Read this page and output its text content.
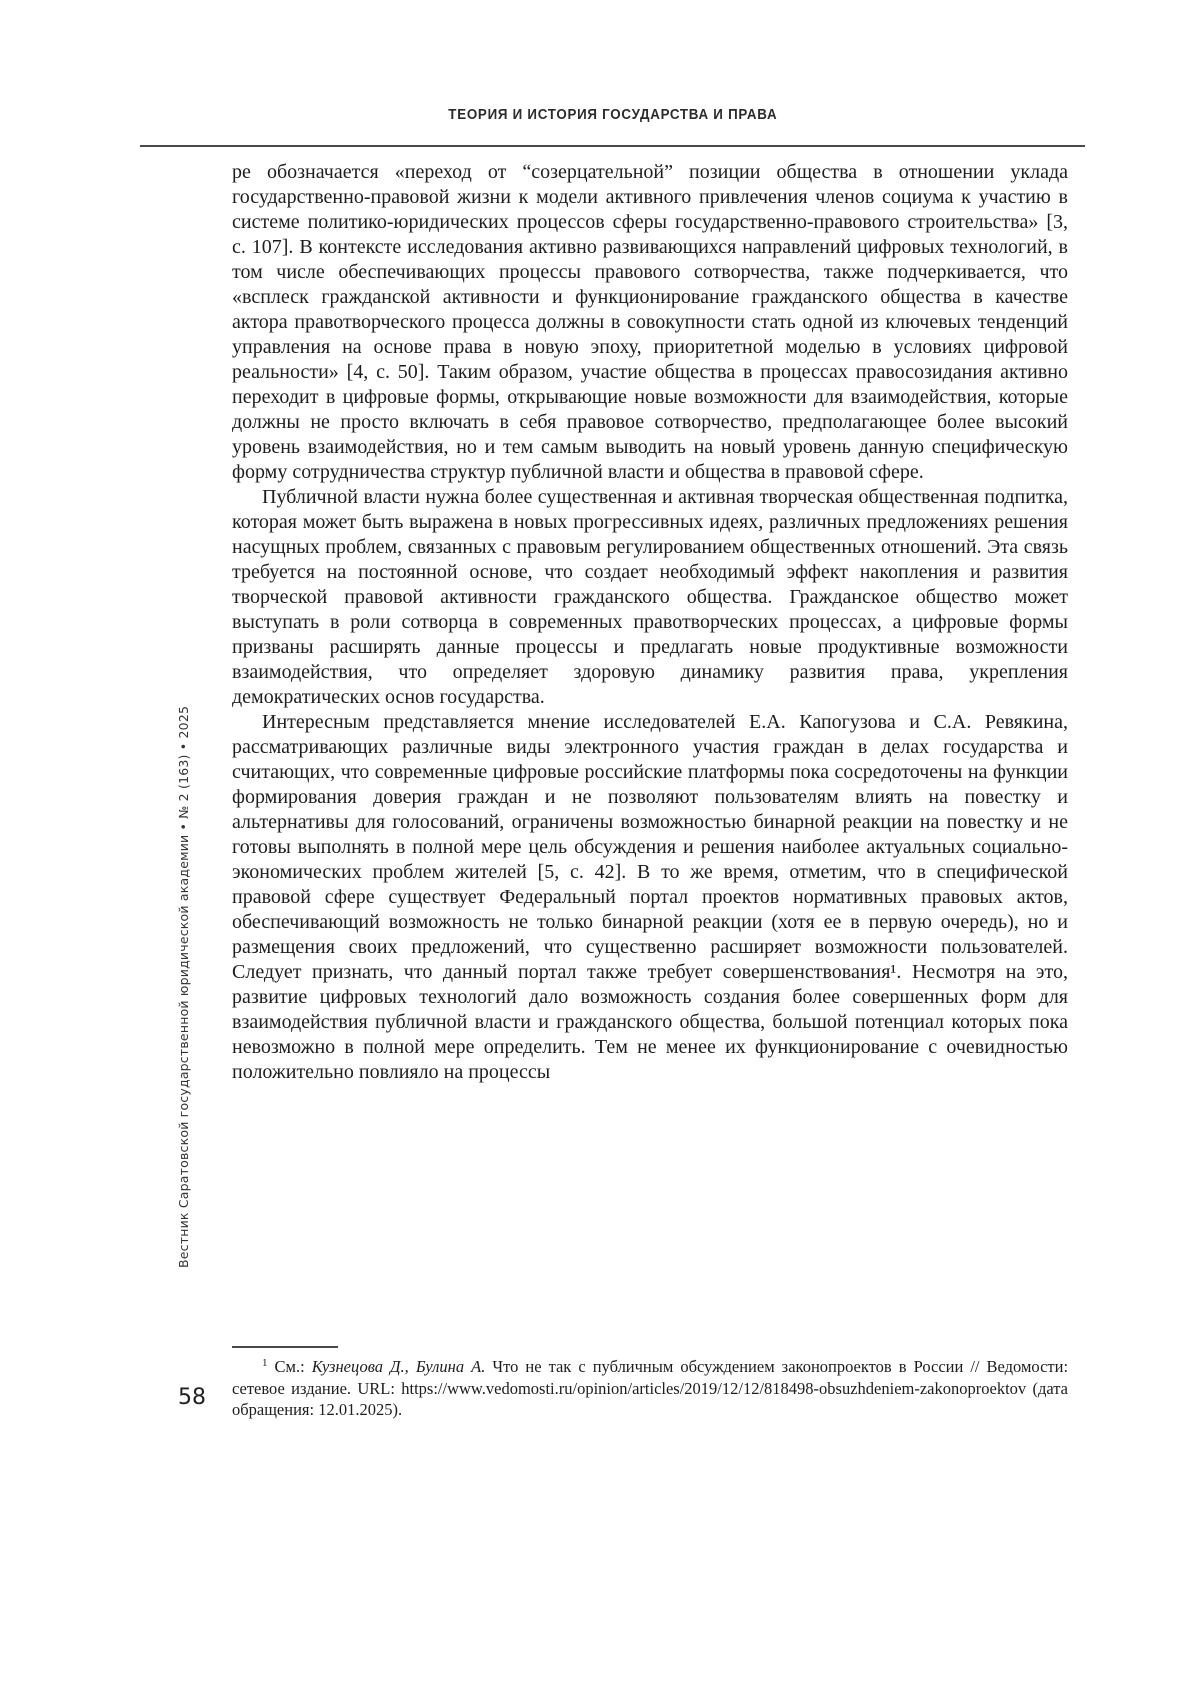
ТЕОРИЯ И ИСТОРИЯ ГОСУДАРСТВА И ПРАВА
Вестник Саратовской государственной юридической академии • № 2 (163) • 2025
58

ре обозначается «переход от “созерцательной” позиции общества в отношении уклада государственно-правовой жизни к модели активного привлечения членов социума к участию в системе политико-юридических процессов сферы государственно-правового строительства» [3, с. 107]. В контексте исследования активно развивающихся направлений цифровых технологий, в том числе обеспечивающих процессы правового сотворчества, также подчеркивается, что «всплеск гражданской активности и функционирование гражданского общества в качестве актора правотворческого процесса должны в совокупности стать одной из ключевых тенденций управления на основе права в новую эпоху, приоритетной моделью в условиях цифровой реальности» [4, с. 50]. Таким образом, участие общества в процессах правосозидания активно переходит в цифровые формы, открывающие новые возможности для взаимодействия, которые должны не просто включать в себя правовое сотворчество, предполагающее более высокий уровень взаимодействия, но и тем самым выводить на новый уровень данную специфическую форму сотрудничества структур публичной власти и общества в правовой сфере.

Публичной власти нужна более существенная и активная творческая общественная подпитка, которая может быть выражена в новых прогрессивных идеях, различных предложениях решения насущных проблем, связанных с правовым регулированием общественных отношений. Эта связь требуется на постоянной основе, что создает необходимый эффект накопления и развития творческой правовой активности гражданского общества. Гражданское общество может выступать в роли сотворца в современных правотворческих процессах, а цифровые формы призваны расширять данные процессы и предлагать новые продуктивные возможности взаимодействия, что определяет здоровую динамику развития права, укрепления демократических основ государства.

Интересным представляется мнение исследователей Е.А. Капогузова и С.А. Ревякина, рассматривающих различные виды электронного участия граждан в делах государства и считающих, что современные цифровые российские платформы пока сосредоточены на функции формирования доверия граждан и не позволяют пользователям влиять на повестку и альтернативы для голосований, ограничены возможностью бинарной реакции на повестку и не готовы выполнять в полной мере цель обсуждения и решения наиболее актуальных социально-экономических проблем жителей [5, с. 42]. В то же время, отметим, что в специфической правовой сфере существует Федеральный портал проектов нормативных правовых актов, обеспечивающий возможность не только бинарной реакции (хотя ее в первую очередь), но и размещения своих предложений, что существенно расширяет возможности пользователей. Следует признать, что данный портал также требует совершенствования¹. Несмотря на это, развитие цифровых технологий дало возможность создания более совершенных форм для взаимодействия публичной власти и гражданского общества, большой потенциал которых пока невозможно в полной мере определить. Тем не менее их функционирование с очевидностью положительно повлияло на процессы

$^1$ См.: Кузнецова Д., Булина А. Что не так с публичным обсуждением законопроектов в России // Ведомости: сетевое издание. URL: https://www.vedomosti.ru/opinion/articles/2019/12/12/818498-obsuzhdeniem-zakonoproektov (дата обращения: 12.01.2025).
